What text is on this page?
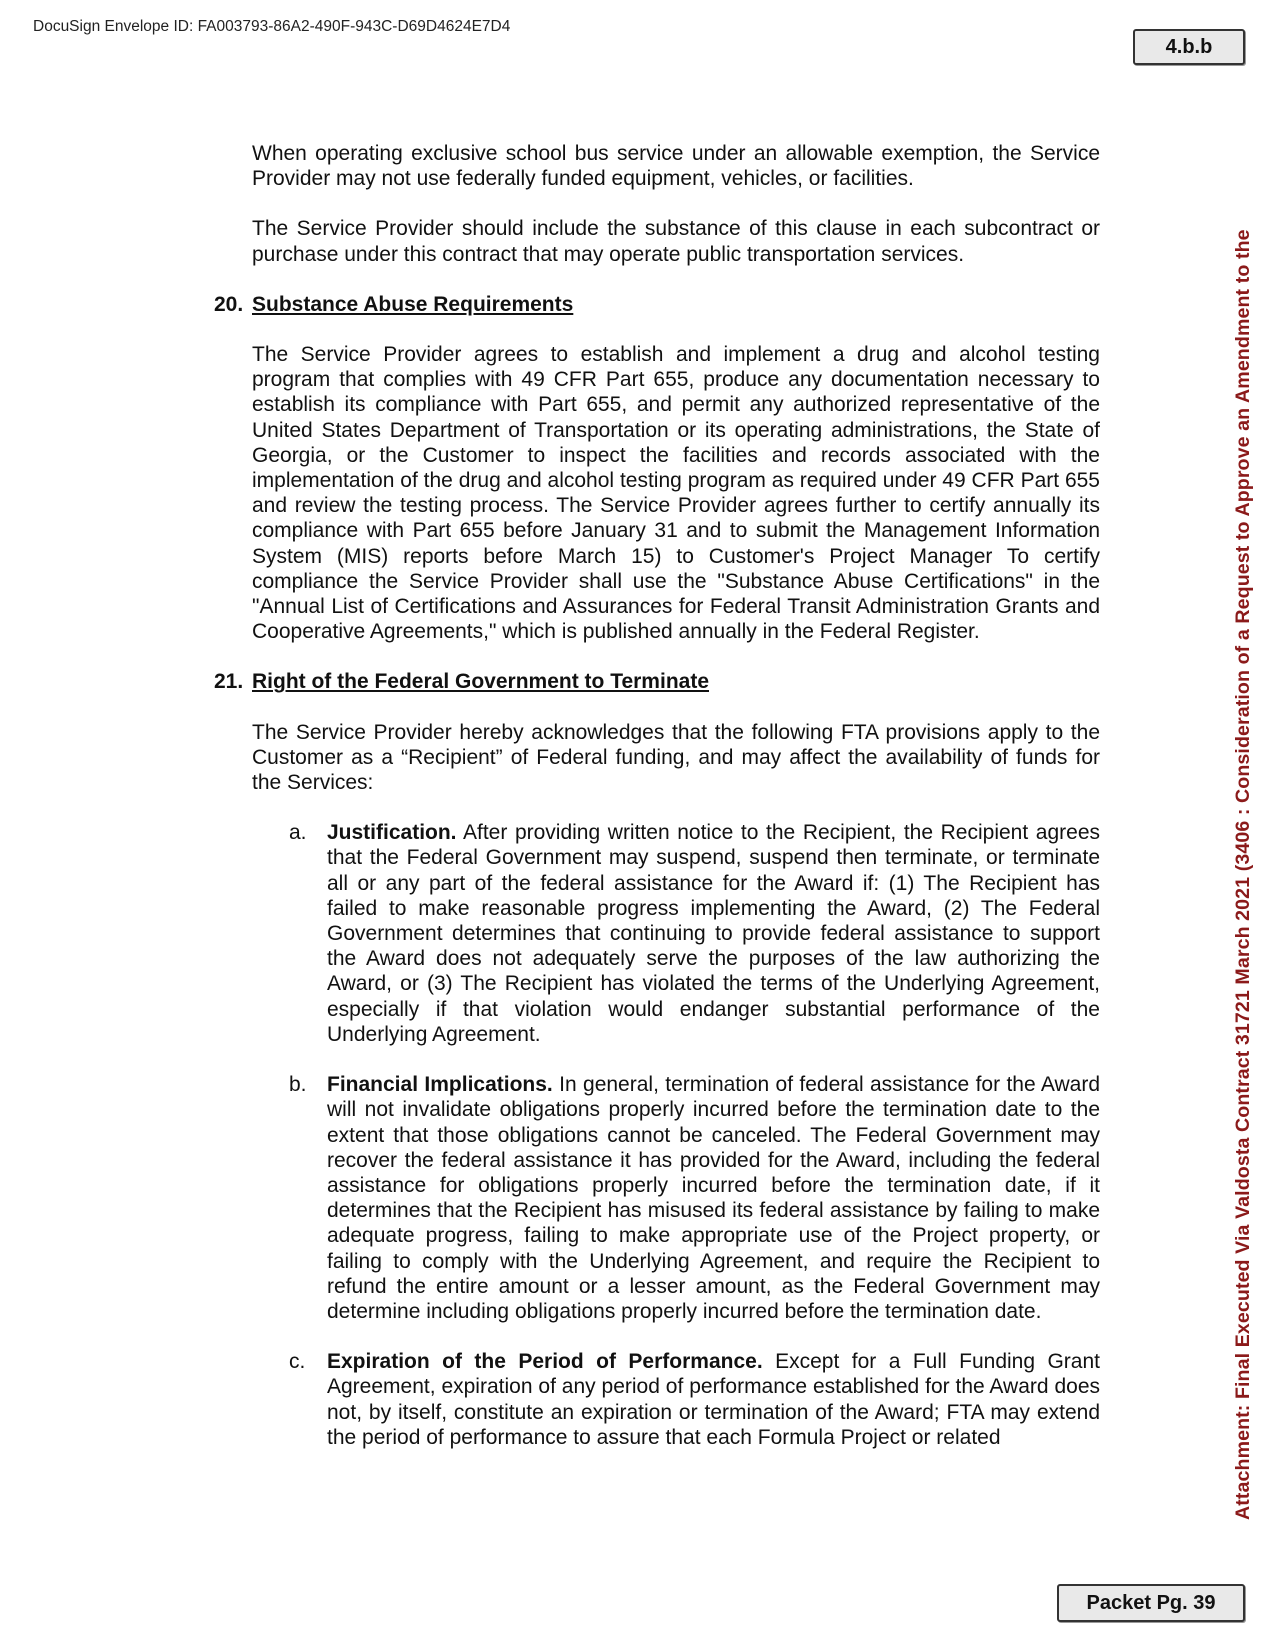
DocuSign Envelope ID: FA003793-86A2-490F-943C-D69D4624E7D4
4.b.b
Attachment: Final Executed Via Valdosta Contract 31721 March 2021 (3406 : Consideration of a Request to Approve an Amendment to the

When operating exclusive school bus service under an allowable exemption, the Service Provider may not use federally funded equipment, vehicles, or facilities.

The Service Provider should include the substance of this clause in each subcontract or purchase under this contract that may operate public transportation services.

20. Substance Abuse Requirements

The Service Provider agrees to establish and implement a drug and alcohol testing program that complies with 49 CFR Part 655, produce any documentation necessary to establish its compliance with Part 655, and permit any authorized representative of the United States Department of Transportation or its operating administrations, the State of Georgia, or the Customer to inspect the facilities and records associated with the implementation of the drug and alcohol testing program as required under 49 CFR Part 655 and review the testing process. The Service Provider agrees further to certify annually its compliance with Part 655 before January 31 and to submit the Management Information System (MIS) reports before March 15) to Customer's Project Manager To certify compliance the Service Provider shall use the "Substance Abuse Certifications" in the "Annual List of Certifications and Assurances for Federal Transit Administration Grants and Cooperative Agreements," which is published annually in the Federal Register.

21. Right of the Federal Government to Terminate

The Service Provider hereby acknowledges that the following FTA provisions apply to the Customer as a “Recipient” of Federal funding, and may affect the availability of funds for the Services:

a. Justification. After providing written notice to the Recipient, the Recipient agrees that the Federal Government may suspend, suspend then terminate, or terminate all or any part of the federal assistance for the Award if: (1) The Recipient has failed to make reasonable progress implementing the Award, (2) The Federal Government determines that continuing to provide federal assistance to support the Award does not adequately serve the purposes of the law authorizing the Award, or (3) The Recipient has violated the terms of the Underlying Agreement, especially if that violation would endanger substantial performance of the Underlying Agreement.
b. Financial Implications. In general, termination of federal assistance for the Award will not invalidate obligations properly incurred before the termination date to the extent that those obligations cannot be canceled. The Federal Government may recover the federal assistance it has provided for the Award, including the federal assistance for obligations properly incurred before the termination date, if it determines that the Recipient has misused its federal assistance by failing to make adequate progress, failing to make appropriate use of the Project property, or failing to comply with the Underlying Agreement, and require the Recipient to refund the entire amount or a lesser amount, as the Federal Government may determine including obligations properly incurred before the termination date.
c. Expiration of the Period of Performance. Except for a Full Funding Grant Agreement, expiration of any period of performance established for the Award does not, by itself, constitute an expiration or termination of the Award; FTA may extend the period of performance to assure that each Formula Project or related
Packet Pg. 39
